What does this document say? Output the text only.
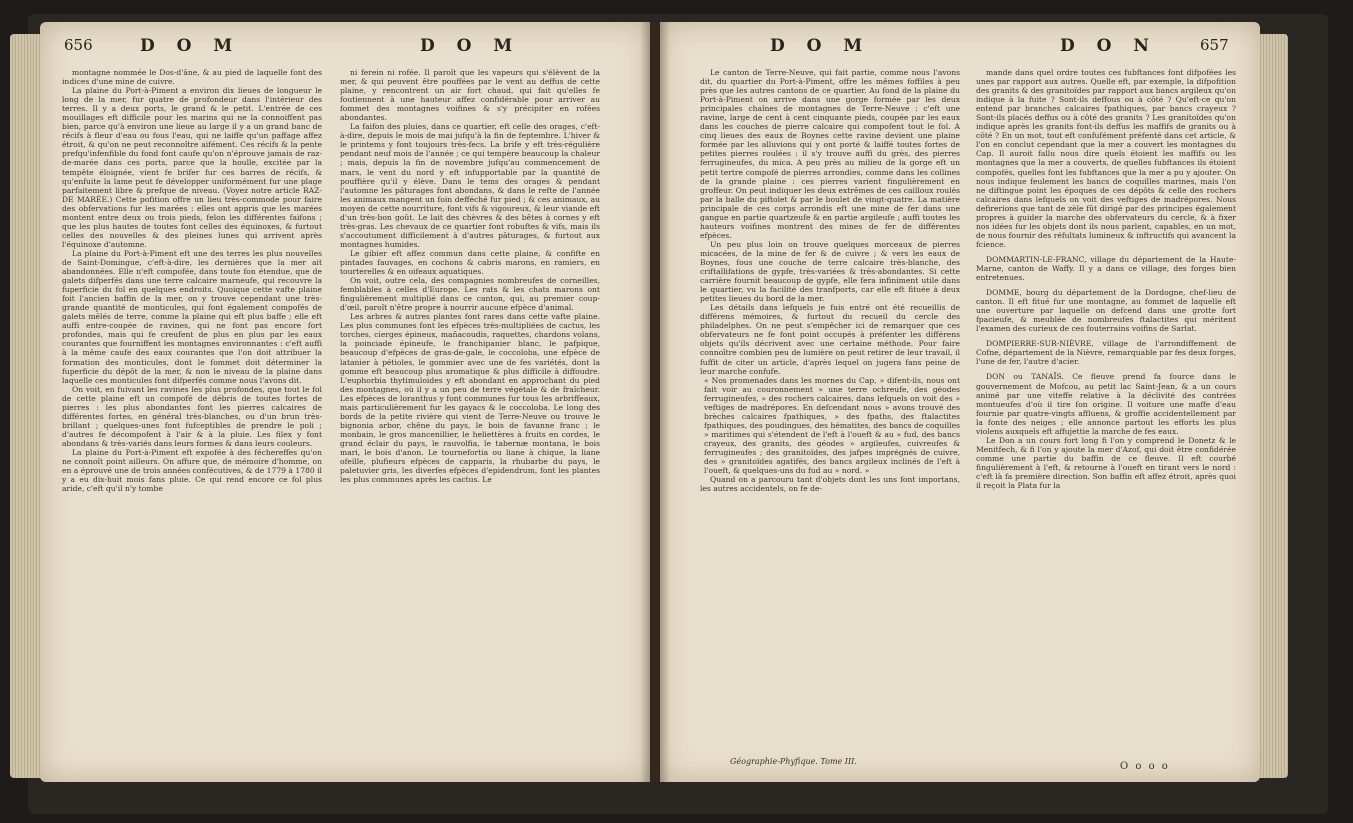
656	D O M	D O M

montagne nommée le Dos-d'âne, & au pied de laquelle font des indices d'une mine de cuivre.

La plaine du Port-à-Piment a environ dix lieues de longueur le long de la mer, fur quatre de profondeur dans l'intérieur des terres. Il y a deux ports, le grand & le petit. L'entrée de ces mouillages eft difficile pour les marins qui ne la connoiffent pas bien, parce qu'à environ une lieue au large il y a un grand banc de récifs à fleur d'eau ou fous l'eau, qui ne laiffe qu'un paffage affez étroit, & qu'on ne peut reconnoître aifément. Ces récifs & la pente prefqu'infenfible du fond font caufe qu'on n'éprouve jamais de raz-de-marée dans ces ports, parce que la houlle, excitée par la tempête éloignée, vient fe brifer fur ces barres de récifs, & qu'enfuite la lame peut fe développer uniformément fur une plage parfaitement libre & prefque de niveau. (Voyez notre article RAZ-DE MARÉE.) Cette pofition offre un lieu très-commode pour faire des obfervations fur les marées : elles ont appris que les marées montent entre deux ou trois pieds, felon les différentes faifons ; que les plus hautes de toutes font celles des équinoxes, & furtout celles des nouvelles & des pleines lunes qui arrivent après l'équinoxe d'automne.

La plaine du Port-à-Piment eft une des terres les plus nouvelles de Saint-Domingue, c'eft-à-dire, les dernières que la mer ait abandonnées. Elle n'eft compofée, dans toute fon étendue, que de galets difperfés dans une terre calcaire marneufe, qui recouvre la fuperficie du fol en quelques endroits. Quoique cette vafte plaine foit l'ancien baffin de la mer, on y trouve cependant une très-grande quantité de monticules, qui font également compofés de galets mêlés de terre, comme la plaine qui eft plus baffe ; elle eft auffi entre-coupée de ravines, qui ne font pas encore fort profondes, mais qui fe creufent de plus en plus par les eaux courantes que fourniffent les montagnes environnantes : c'eft auffi à la même caufe des eaux courantes que l'on doit attribuer la formation des monticules, dont le fommet doit déterminer la fuperficie du dépôt de la mer, & non le niveau de la plaine dans laquelle ces monticules font difperfés comme nous l'avons dit.

On voit, en fuivant les ravines les plus profondes, que tout le fol de cette plaine eft un compofé de débris de toutes fortes de pierres : les plus abondantes font les pierres calcaires de différentes fortes, en général très-blanches, ou d'un brun très-brillant ; quelques-unes font fufceptibles de prendre le poli ; d'autres fe décompofent à l'air & à la pluie. Les filex y font abondans & très-variés dans leurs formes & dans leurs couleurs.

La plaine du Port-à-Piment eft expofée à des féchereffes qu'on ne connoît point ailleurs. On affure que, de mémoire d'homme, on en a éprouvé une de trois années confécutives, & de 1779 à 1780 il y a eu dix-huit mois fans pluie. Ce qui rend encore ce fol plus aride, c'eft qu'il n'y tombe

ni ferein ni rofée. Il paroît que les vapeurs qui s'élèvent de la mer, & qui peuvent être pouffées par le vent au deffus de cette plaine, y rencontrent un air fort chaud, qui fait qu'elles fe foutiennent à une hauteur affez confidérable pour arriver au fommet des montagnes voifines & s'y précipiter en rofées abondantes.

La faifon des pluies, dans ce quartier, eft celle des orages, c'eft-à-dire, depuis le mois de mai jufqu'à la fin de feptembre. L'hiver & le printems y font toujours très-fecs. La brife y eft très-régulière pendant neuf mois de l'année ; ce qui tempère beaucoup la chaleur ; mais, depuis la fin de novembre jufqu'au commencement de mars, le vent du nord y eft infupportable par la quantité de pouffière qu'il y élève. Dans le tems des orages & pendant l'automne les pâturages font abondans, & dans le refte de l'année les animaux mangent un foin defféché fur pied ; & ces animaux, au moyen de cette nourriture, font vifs & vigoureux, & leur viande eft d'un très-bon goût. Le lait des chèvres & des bêtes à cornes y eft très-gras. Les chevaux de ce quartier font robuftes & vifs, mais ils s'accoutument difficilement à d'autres pâturages, & furtout aux montagnes humides.

Le gibier eft affez commun dans cette plaine, & confifte en pintades fauvages, en cochons & cabris marons, en ramiers, en tourterelles & en oifeaux aquatiques.

On voit, outre cela, des compagnies nombreufes de corneilles, femblables à celles d'Europe. Les rats & les chats marons ont fingulièrement multiplié dans ce canton, qui, au premier coup-d'œil, paroît n'être propre à nourrir aucune efpèce d'animal.

Les arbres & autres plantes font rares dans cette vafte plaine. Les plus communes font les efpèces très-multipliées de cactus, les torches, cierges épineux, mañacoudis, raquettes, chardons volans, la poinciade épineufe, le franchipanier blanc, le pafpique, beaucoup d'efpèces de gras-de-gale, le coccoloba, une efpèce de latanier à pétioles, le gommier avec une de fes variétés, dont la gomme eft beaucoup plus aromatique & plus difficile à diffoudre. L'euphorbia thytimuloides y eft abondant en approchant du pied des montagnes, où il y a un peu de terre végétale & de fraîcheur. Les efpèces de loranthus y font communes fur tous les arbriffeaux, mais particulièrement fur les gayacs & le coccoloba. Le long des bords de la petite rivière qui vient de Terre-Neuve ou trouve le bignonia arbor, chêne du pays, le bois de favanne franc ; le monbain, le gros mancenillier, le heliettères à fruits en cordes, le grand éclair du pays, le rauvolfia, le tabernæ montana, le bois mari, le bois d'anon. Le tournefortia ou liane à chique, la liane ofeille, plufieurs efpèces de capparis, la rhubarbe du pays, le paletuvier gris, les diverfes efpèces d'epidendrum, font les plantes les plus communes après les cactus. Le

D O M	D O N	657

Le canton de Terre-Neuve, qui fait partie, comme nous l'avons dit, du quartier du Port-à-Piment, offre les mêmes foffiles à peu près que les autres cantons de ce quartier. Au fond de la plaine du Port-à-Piment on arrive dans une gorge formée par les deux principales chaînes de montagnes de Terre-Neuve : c'eft une ravine, large de cent à cent cinquante pieds, coupée par les eaux dans les couches de pierre calcaire qui compofent tout le fol. A cinq lieues des eaux de Boynes cette ravine devient une plaine formée par les alluvions qui y ont porté & laiffé toutes fortes de petites pierres roulées : il s'y trouve auffi du grès, des pierres ferrugineufes, du mica. A peu près au milieu de la gorge eft un petit tertre compofé de pierres arrondies, comme dans les collines de la grande plaine : ces pierres varient fingulièrement en groffeur. On peut indiquer les deux extrêmes de ces cailloux roulés par la balle du piftolet & par le boulet de vingt-quatre. La matière principale de ces corps arrondis eft une mine de fer dans une gangue en partie quartzeufe & en partie argileufe ; auffi toutes les hauteurs voifines montrent des mines de fer de différentes efpèces.

Un peu plus loin on trouve quelques morceaux de pierres micacées, de la mine de fer & de cuivre ; & vers les eaux de Boynes, fous une couche de terre calcaire très-blanche, des criftallifations de gypfe, très-variées & très-abondantes. Si cette carrière fournit beaucoup de gypfe, elle fera infiniment utile dans le quartier, vu la facilité des tranfports, car elle eft fituée à deux petites lieues du bord de la mer.

Les détails dans lefquels je fuis entré ont été recueillis de différens mémoires, & furtout du recueil du cercle des philadelphes. On ne peut s'empêcher ici de remarquer que ces obfervateurs ne fe font point occupés à préfenter les différens objets qu'ils décrivent avec une certaine méthode. Pour faire connoître combien peu de lumière on peut retirer de leur travail, il fuffit de citer un article, d'après lequel on jugera fans peine de leur marche confufe.

« Nos promenades dans les mornes du Cap, » difent-ils, nous ont fait voir au couronnement » une terre ochreufe, des géodes ferrugineufes, » des rochers calcaires, dans lefquels on voit des » veftiges de madrépores. En defcendant nous » avons trouvé des brèches calcaires fpathiques, » des fpaths, des ftalactites fpathiques, des poudingues, des hématites, des bancs de coquilles » maritimes qui s'étendent de l'eft à l'oueft & au » fud, des bancs crayeux, des granits, des géodes » argileufes, cuivreufes & ferrugineufes ; des granitoïdes, des jafpes imprégnés de cuivre, des » granitoïdes agatifés, des bancs argileux inclinés de l'eft à l'oueft, & quelques-uns du fud au » nord. »

Quand on a parcouru tant d'objets dont les uns font importans, les autres accidentels, on fe de-

mande dans quel ordre toutes ces fubftances font difpofées les unes par rapport aux autres. Quelle eft, par exemple, la difpofition des granits & des granitoïdes par rapport aux bancs argileux qu'on indique à la fuite ? Sont-ils deffous ou à côté ? Qu'eft-ce qu'on entend par branches calcaires fpathiques, par bancs crayeux ? Sont-ils placés deffus ou à côté des granits ? Les granitoïdes qu'on indique après les granits font-ils deffus les maffifs de granits ou à côté ? En un mot, tout eft confufément préfenté dans cet article, & l'on en conclut cependant que la mer a couvert les montagnes du Cap. Il auroit fallu nous dire quels étoient les maffifs ou les montagnes que la mer a couverts, de quelles fubftances ils étoient compofés, quelles font les fubftances que la mer a pu y ajouter. On nous indique feulement les bancs de coquilles marines, mais l'on ne diftingue point les époques de ces dépôts & celle des rochers calcaires dans lefquels on voit des veftiges de madrépores. Nous defirerions que tant de zèle fût dirigé par des principes également propres à guider la marche des obfervateurs du cercle, & à fixer nos idées fur les objets dont ils nous parlent, capables, en un mot, de nous fournir des réfultats lumineux & inftructifs qui avancent la fcience.

DOMMARTIN-LE-FRANC, village du département de la Haute-Marne, canton de Waffy. Il y a dans ce village, des forges bien entretenues.

DOMME, bourg du département de la Dordogne, chef-lieu de canton. Il eft fitué fur une montagne, au fommet de laquelle eft une ouverture par laquelle on defcend dans une grotte fort fpacieufe, & meublée de nombreufes ftalactites qui méritent l'examen des curieux de ces fouterrains voifins de Sarlat.

DOMPIERRE-SUR-NIÈVRE, village de l'arrondiffement de Cofne, département de la Nièvre, remarquable par fes deux forges, l'une de fer, l'autre d'acier.

DON ou TANAÏS. Ce fleuve prend fa fource dans le gouvernement de Mofcou, au petit lac Saint-Jean, & a un cours animé par une viteffe relative à la déclivité des contrées montueufes d'où il tire fon origine. Il voiture une maffe d'eau fournie par quatre-vingts affluens, & groffie accidentellement par la fonte des neiges ; elle annonce partout les efforts les plus violens auxquels eft affujettie la marche de fes eaux.

Le Don a un cours fort long fi l'on y comprend le Donetz & le Menitfech, & fi l'on y ajoute la mer d'Azof, qui doit être confidérée comme une partie du baffin de ce fleuve. Il eft courbé fingulièrement à l'eft, & retourne à l'oueft en tirant vers le nord : c'eft là fa première direction. Son baffin eft affez étroit, après quoi il reçoit la Plata fur la

Géographie-Phyfique. Tome III.	O o o o
